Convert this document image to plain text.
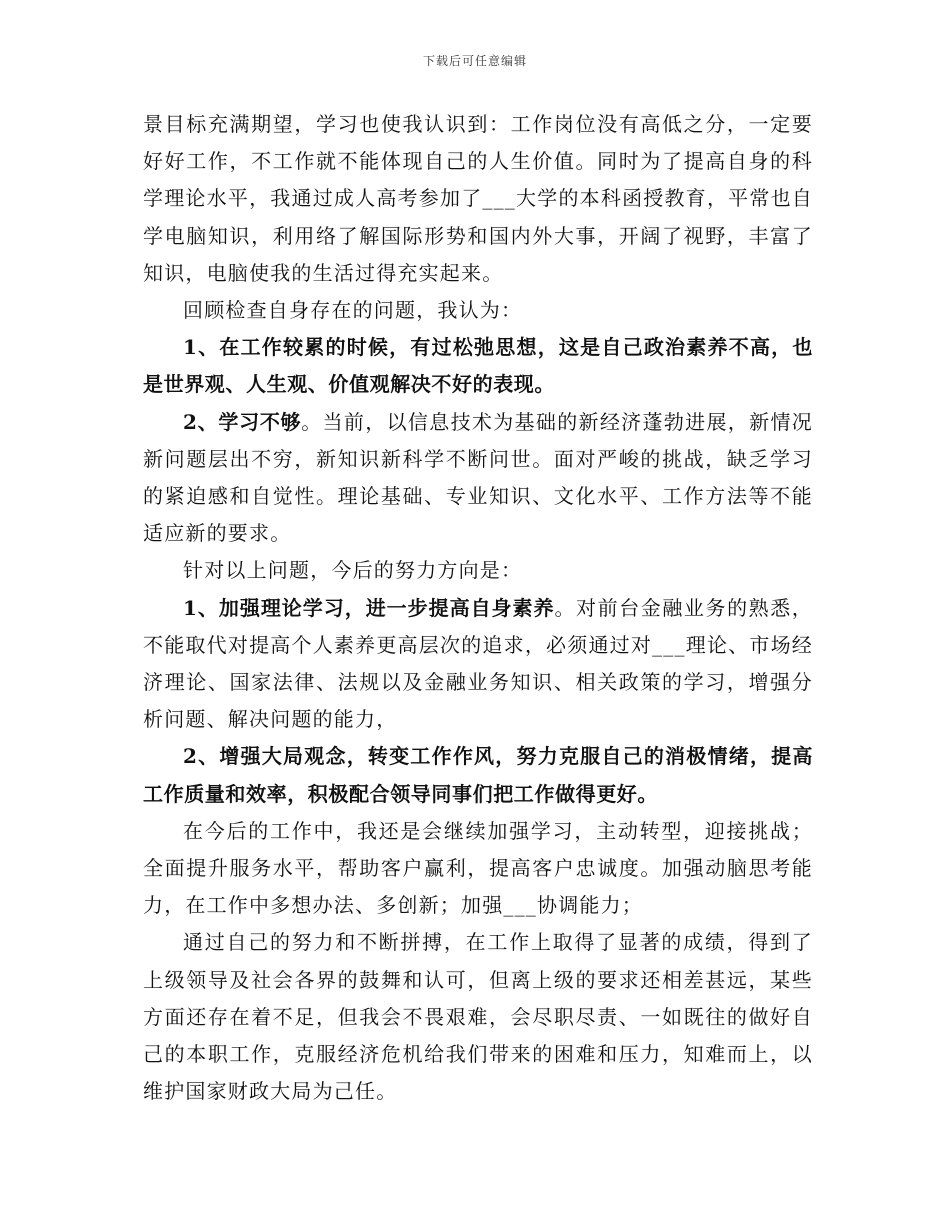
下载后可任意编辑

景目标充满期望，学习也使我认识到：工作岗位没有高低之分，一定要好好工作，不工作就不能体现自己的人生价值。同时为了提高自身的科学理论水平，我通过成人高考参加了___大学的本科函授教育，平常也自学电脑知识，利用络了解国际形势和国内外大事，开阔了视野，丰富了知识，电脑使我的生活过得充实起来。

回顾检查自身存在的问题，我认为：

1、在工作较累的时候，有过松弛思想，这是自己政治素养不高，也是世界观、人生观、价值观解决不好的表现。

2、学习不够。当前，以信息技术为基础的新经济蓬勃进展，新情况新问题层出不穷，新知识新科学不断问世。面对严峻的挑战，缺乏学习的紧迫感和自觉性。理论基础、专业知识、文化水平、工作方法等不能适应新的要求。

针对以上问题，今后的努力方向是：

1、加强理论学习，进一步提高自身素养。对前台金融业务的熟悉，不能取代对提高个人素养更高层次的追求，必须通过对___理论、市场经济理论、国家法律、法规以及金融业务知识、相关政策的学习，增强分析问题、解决问题的能力，

2、增强大局观念，转变工作作风，努力克服自己的消极情绪，提高工作质量和效率，积极配合领导同事们把工作做得更好。

在今后的工作中，我还是会继续加强学习，主动转型，迎接挑战；全面提升服务水平，帮助客户赢利，提高客户忠诚度。加强动脑思考能力，在工作中多想办法、多创新；加强___协调能力；

通过自己的努力和不断拼搏，在工作上取得了显著的成绩，得到了上级领导及社会各界的鼓舞和认可，但离上级的要求还相差甚远，某些方面还存在着不足，但我会不畏艰难，会尽职尽责、一如既往的做好自己的本职工作，克服经济危机给我们带来的困难和压力，知难而上，以维护国家财政大局为己任。
